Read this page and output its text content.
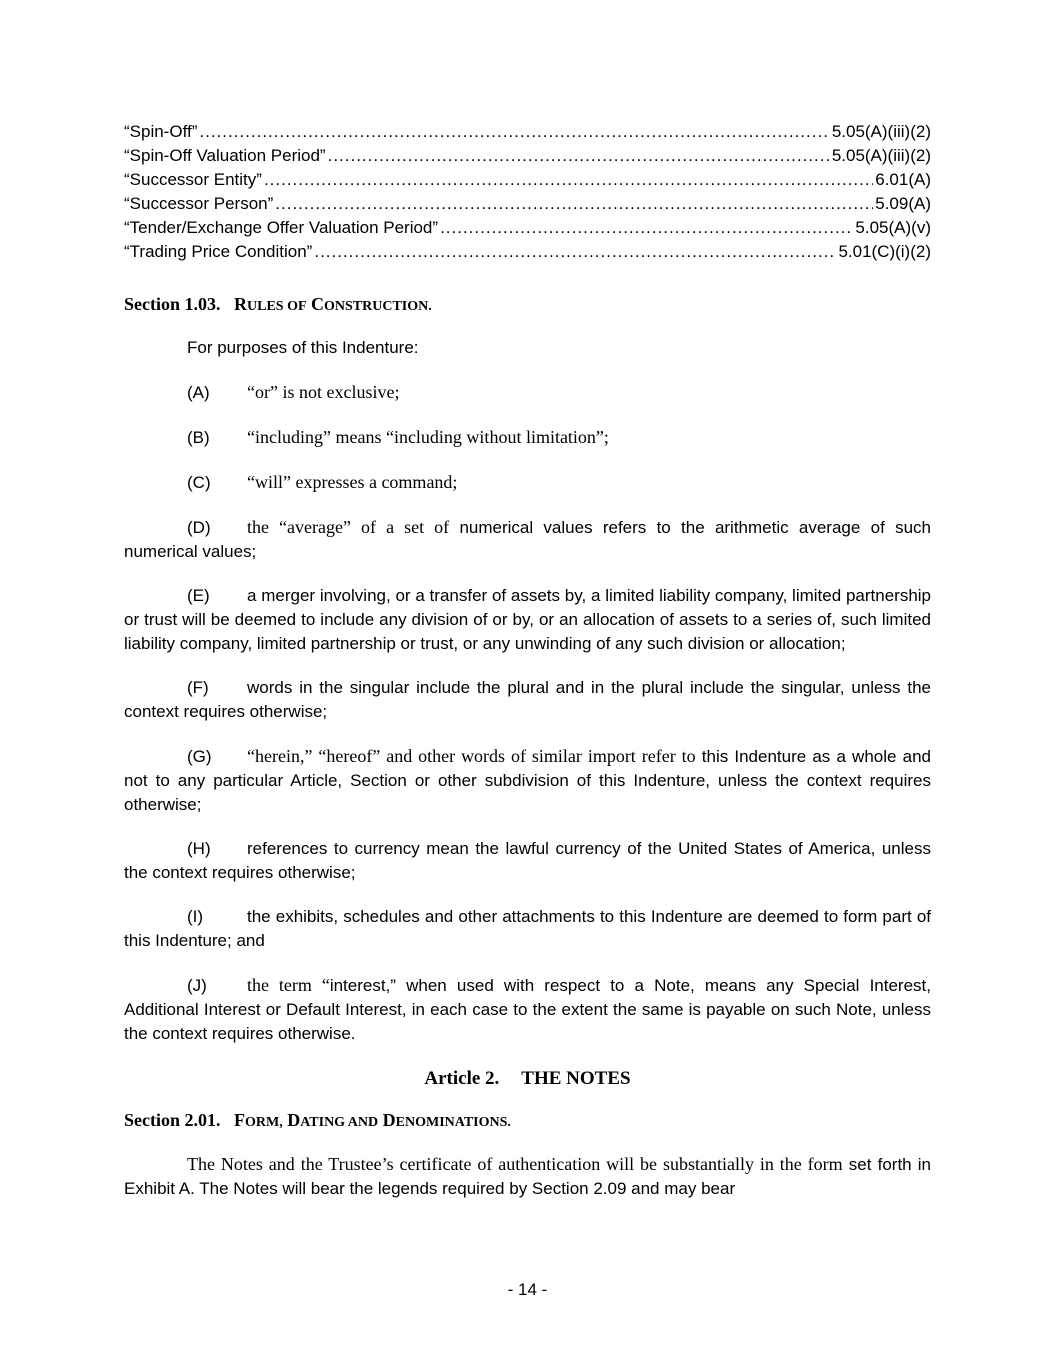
“Spin-Off” .....	5.05(A)(iii)(2)
“Spin-Off Valuation Period” .....	5.05(A)(iii)(2)
“Successor Entity” .....	6.01(A)
“Successor Person” .....	5.09(A)
“Tender/Exchange Offer Valuation Period” .....	5.05(A)(v)
“Trading Price Condition” .....	5.01(C)(i)(2)
Section 1.03. RULES OF CONSTRUCTION.
For purposes of this Indenture:
(A) “or” is not exclusive;
(B) “including” means “including without limitation”;
(C) “will” expresses a command;
(D) the “average” of a set of numerical values refers to the arithmetic average of such numerical values;
(E) a merger involving, or a transfer of assets by, a limited liability company, limited partnership or trust will be deemed to include any division of or by, or an allocation of assets to a series of, such limited liability company, limited partnership or trust, or any unwinding of any such division or allocation;
(F) words in the singular include the plural and in the plural include the singular, unless the context requires otherwise;
(G) “herein,” “hereof” and other words of similar import refer to this Indenture as a whole and not to any particular Article, Section or other subdivision of this Indenture, unless the context requires otherwise;
(H) references to currency mean the lawful currency of the United States of America, unless the context requires otherwise;
(I)	the exhibits, schedules and other attachments to this Indenture are deemed to form part of this Indenture; and
(J) the term “interest,” when used with respect to a Note, means any Special Interest, Additional Interest or Default Interest, in each case to the extent the same is payable on such Note, unless the context requires otherwise.
Article 2. THE NOTES
Section 2.01. FORM, DATING AND DENOMINATIONS.
The Notes and the Trustee’s certificate of authentication will be substantially in the form set forth in Exhibit A. The Notes will bear the legends required by Section 2.09 and may bear
- 14 -
